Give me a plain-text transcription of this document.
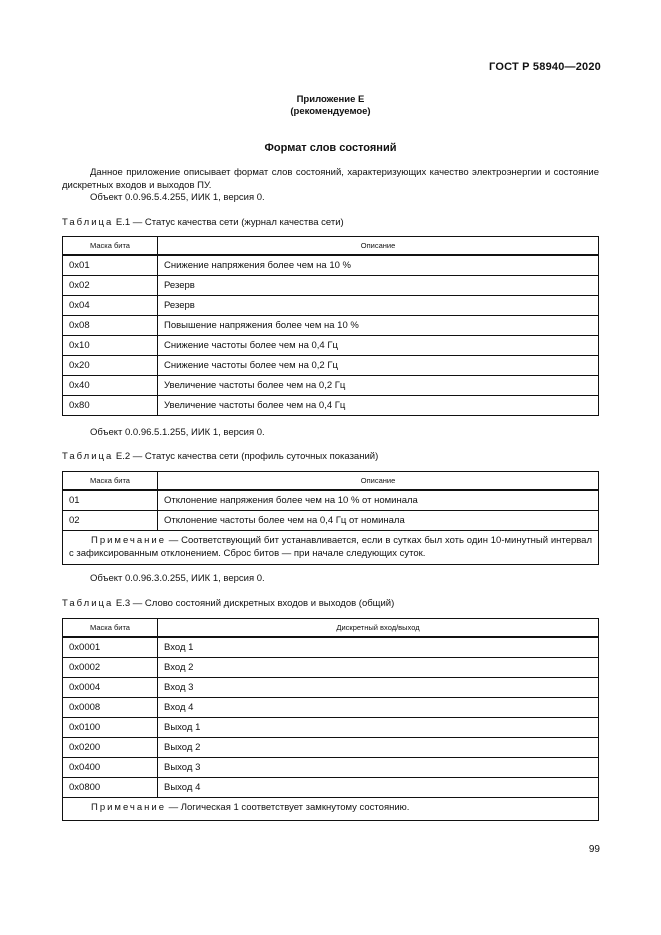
ГОСТ Р 58940—2020
Приложение Е
(рекомендуемое)
Формат слов состояний

Данное приложение описывает формат слов состояний, характеризующих качество электроэнергии и состояние дискретных входов и выходов ПУ.

Объект 0.0.96.5.4.255, ИИК 1, версия 0.

Таблица Е.1 — Статус качества сети (журнал качества сети)
Маска бита	Описание
0x01	Снижение напряжения более чем на 10 %
0x02	Резерв
0x04	Резерв
0x08	Повышение напряжения более чем на 10 %
0x10	Снижение частоты более чем на 0,4 Гц
0x20	Снижение частоты более чем на 0,2 Гц
0x40	Увеличение частоты более чем на 0,2 Гц
0x80	Увеличение частоты более чем на 0,4 Гц
Объект 0.0.96.5.1.255, ИИК 1, версия 0.
Таблица Е.2 — Статус качества сети (профиль суточных показаний)
Маска бита	Описание
01	Отклонение напряжения более чем на 10 % от номинала
02	Отклонение частоты более чем на 0,4 Гц от номинала
Примечание — Соответствующий бит устанавливается, если в сутках был хоть один 10-минутный интервал с зафиксированным отклонением. Сброс битов — при начале следующих суток.	
Объект 0.0.96.3.0.255, ИИК 1, версия 0.
Таблица Е.3 — Слово состояний дискретных входов и выходов (общий)
Маска бита	Дискретный вход/выход
0x0001	Вход 1
0x0002	Вход 2
0x0004	Вход 3
0x0008	Вход 4
0x0100	Выход 1
0x0200	Выход 2
0x0400	Выход 3
0x0800	Выход 4
Примечание — Логическая 1 соответствует замкнутому состоянию.	
99
